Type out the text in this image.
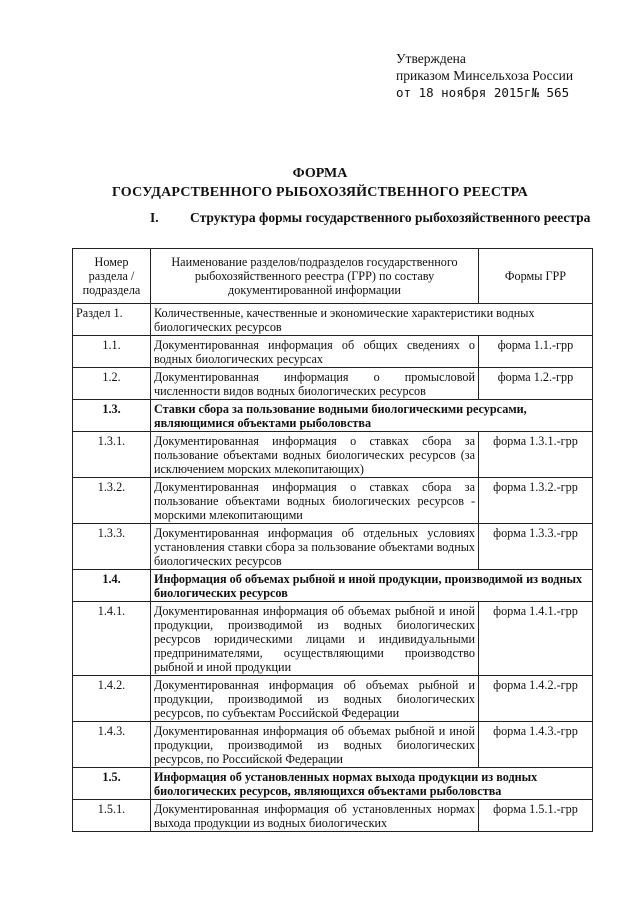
Утверждена
приказом Минсельхоза России
от 18 ноября 2015г№ 565
ФОРМА
ГОСУДАРСТВЕННОГО РЫБОХОЗЯЙСТВЕННОГО РЕЕСТРА
I. Структура формы государственного рыбохозяйственного реестра
Номер раздела / подраздела	Наименование разделов/подразделов государственного рыбохозяйственного реестра (ГРР) по составу документированной информации	Формы ГРР
Раздел 1.	Количественные, качественные и экономические характеристики водных биологических ресурсов	
1.1.	Документированная информация об общих сведениях о водных биологических ресурсах	форма 1.1.-грр
1.2.	Документированная информация о промысловой численности видов водных биологических ресурсов	форма 1.2.-грр
1.3.	Ставки сбора за пользование водными биологическими ресурсами, являющимися объектами рыболовства	
1.3.1.	Документированная информация о ставках сбора за пользование объектами водных биологических ресурсов (за исключением морских млекопитающих)	форма 1.3.1.-грр
1.3.2.	Документированная информация о ставках сбора за пользование объектами водных биологических ресурсов - морскими млекопитающими	форма 1.3.2.-грр
1.3.3.	Документированная информация об отдельных условиях установления ставки сбора за пользование объектами водных биологических ресурсов	форма 1.3.3.-грр
1.4.	Информация об объемах рыбной и иной продукции, производимой из водных биологических ресурсов	
1.4.1.	Документированная информация об объемах рыбной и иной продукции, производимой из водных биологических ресурсов юридическими лицами и индивидуальными предпринимателями, осуществляющими производство рыбной и иной продукции	форма 1.4.1.-грр
1.4.2.	Документированная информация об объемах рыбной и продукции, производимой из водных биологических ресурсов, по субъектам Российской Федерации	форма 1.4.2.-грр
1.4.3.	Документированная информация об объемах рыбной и иной продукции, производимой из водных биологических ресурсов, по Российской Федерации	форма 1.4.3.-грр
1.5.	Информация об установленных нормах выхода продукции из водных биологических ресурсов, являющихся объектами рыболовства	
1.5.1.	Документированная информация об установленных нормах выхода продукции из водных биологических	форма 1.5.1.-грр
